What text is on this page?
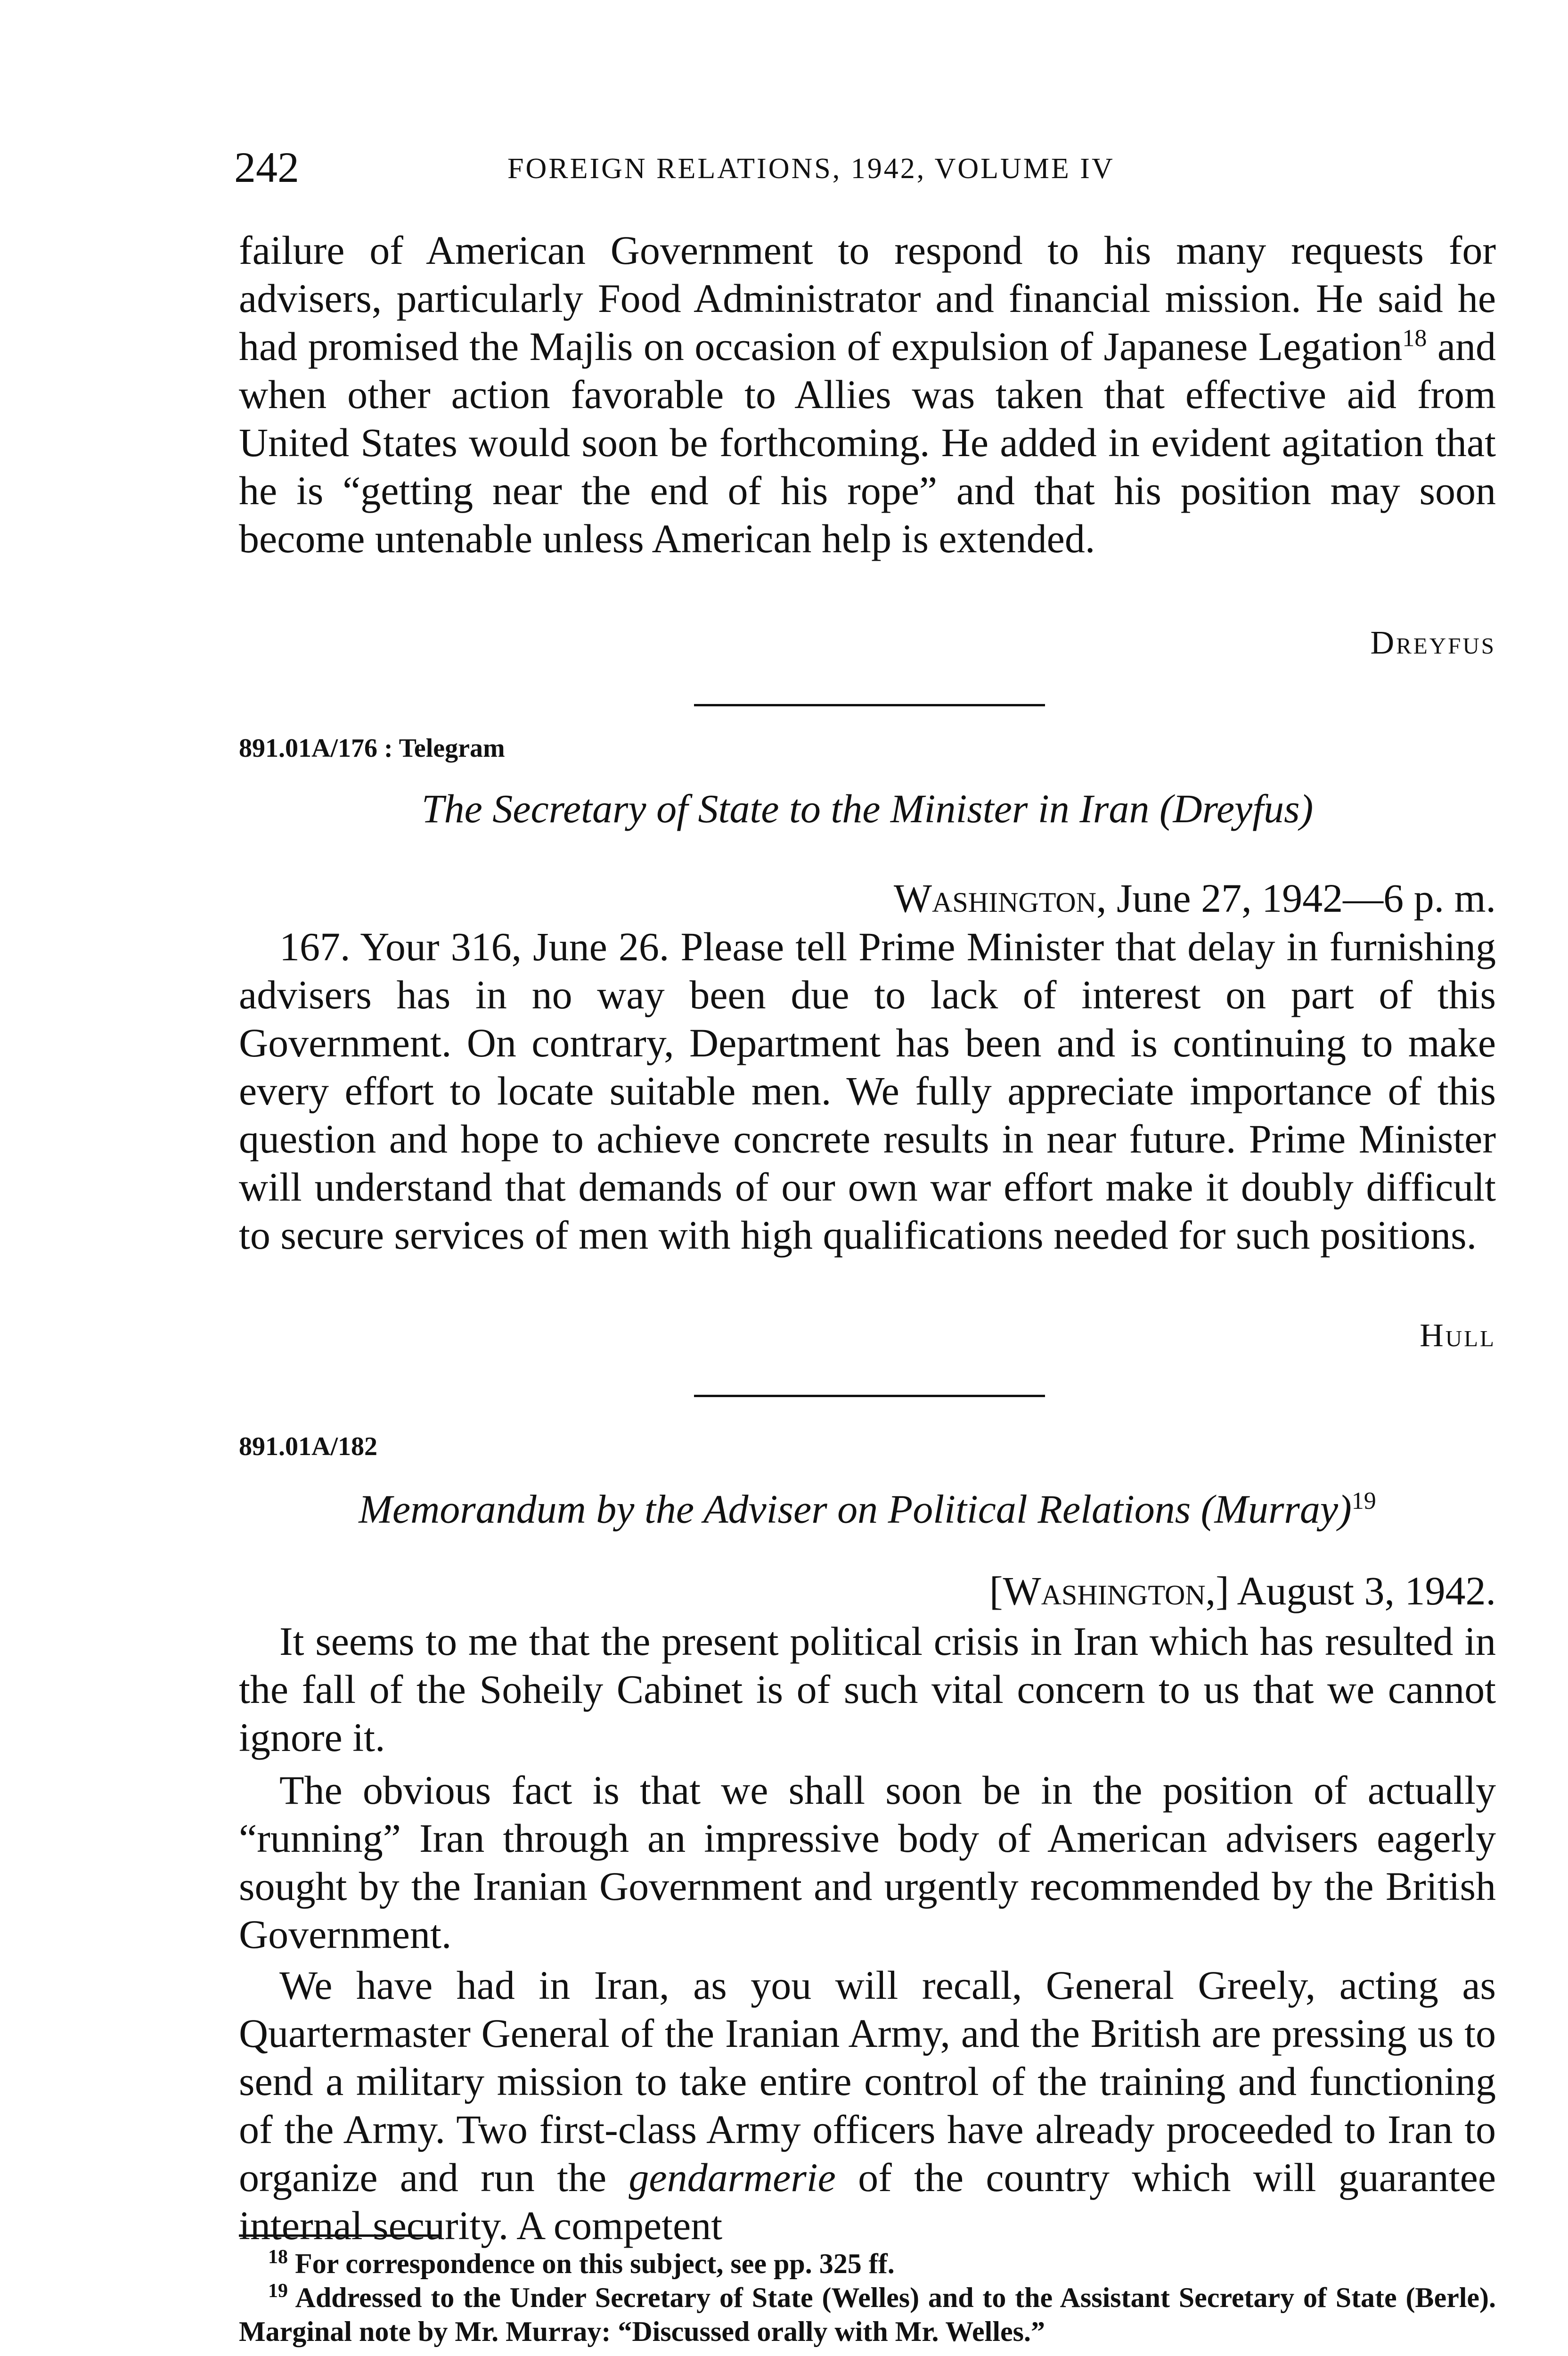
242	FOREIGN RELATIONS, 1942, VOLUME IV

failure of American Government to respond to his many requests for advisers, particularly Food Administrator and financial mission. He said he had promised the Majlis on occasion of expulsion of Japanese Legation$^{18}$ and when other action favorable to Allies was taken that effective aid from United States would soon be forthcoming. He added in evident agitation that he is “getting near the end of his rope” and that his position may soon become untenable unless American help is extended.

Dreyfus
891.01A/176 : Telegram
The Secretary of State to the Minister in Iran (Dreyfus)
Washington, June 27, 1942—6 p. m.

167. Your 316, June 26. Please tell Prime Minister that delay in furnishing advisers has in no way been due to lack of interest on part of this Government. On contrary, Department has been and is continuing to make every effort to locate suitable men. We fully appreciate importance of this question and hope to achieve concrete results in near future. Prime Minister will understand that demands of our own war effort make it doubly difficult to secure services of men with high qualifications needed for such positions.

Hull
891.01A/182
Memorandum by the Adviser on Political Relations (Murray)$^{19}$
[Washington,] August 3, 1942.

It seems to me that the present political crisis in Iran which has resulted in the fall of the Soheily Cabinet is of such vital concern to us that we cannot ignore it.

The obvious fact is that we shall soon be in the position of actually “running” Iran through an impressive body of American advisers eagerly sought by the Iranian Government and urgently recommended by the British Government.

We have had in Iran, as you will recall, General Greely, acting as Quartermaster General of the Iranian Army, and the British are pressing us to send a military mission to take entire control of the training and functioning of the Army. Two first-class Army officers have already proceeded to Iran to organize and run the gendarmerie of the country which will guarantee internal security. A competent

$^{18}$ For correspondence on this subject, see pp. 325 ff.

$^{19}$ Addressed to the Under Secretary of State (Welles) and to the Assistant Secretary of State (Berle). Marginal note by Mr. Murray: “Discussed orally with Mr. Welles.”
